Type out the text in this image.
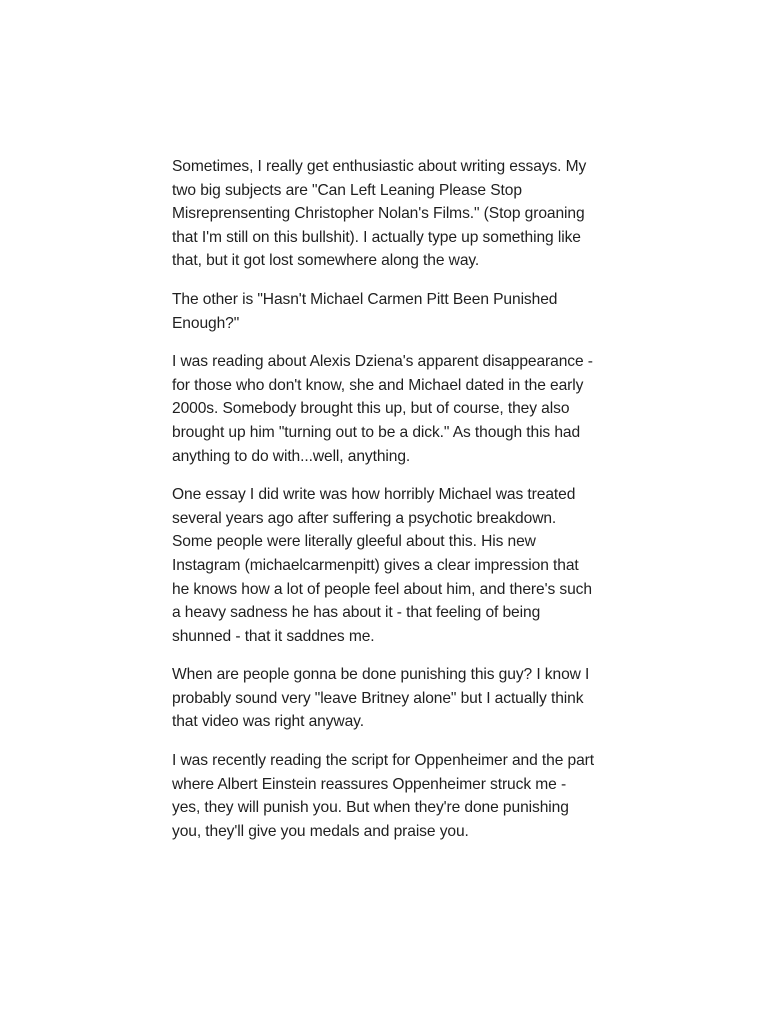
Sometimes, I really get enthusiastic about writing essays. My two big subjects are "Can Left Leaning Please Stop Misreprensenting Christopher Nolan's Films." (Stop groaning that I'm still on this bullshit). I actually type up something like that, but it got lost somewhere along the way.

The other is "Hasn't Michael Carmen Pitt Been Punished Enough?"

I was reading about Alexis Dziena's apparent disappearance - for those who don't know, she and Michael dated in the early 2000s. Somebody brought this up, but of course, they also brought up him "turning out to be a dick." As though this had anything to do with...well, anything.

One essay I did write was how horribly Michael was treated several years ago after suffering a psychotic breakdown. Some people were literally gleeful about this. His new Instagram (michaelcarmenpitt) gives a clear impression that he knows how a lot of people feel about him, and there's such a heavy sadness he has about it - that feeling of being shunned - that it saddnes me.

When are people gonna be done punishing this guy? I know I probably sound very "leave Britney alone" but I actually think that video was right anyway.

I was recently reading the script for Oppenheimer and the part where Albert Einstein reassures Oppenheimer struck me - yes, they will punish you. But when they're done punishing you, they'll give you medals and praise you.
